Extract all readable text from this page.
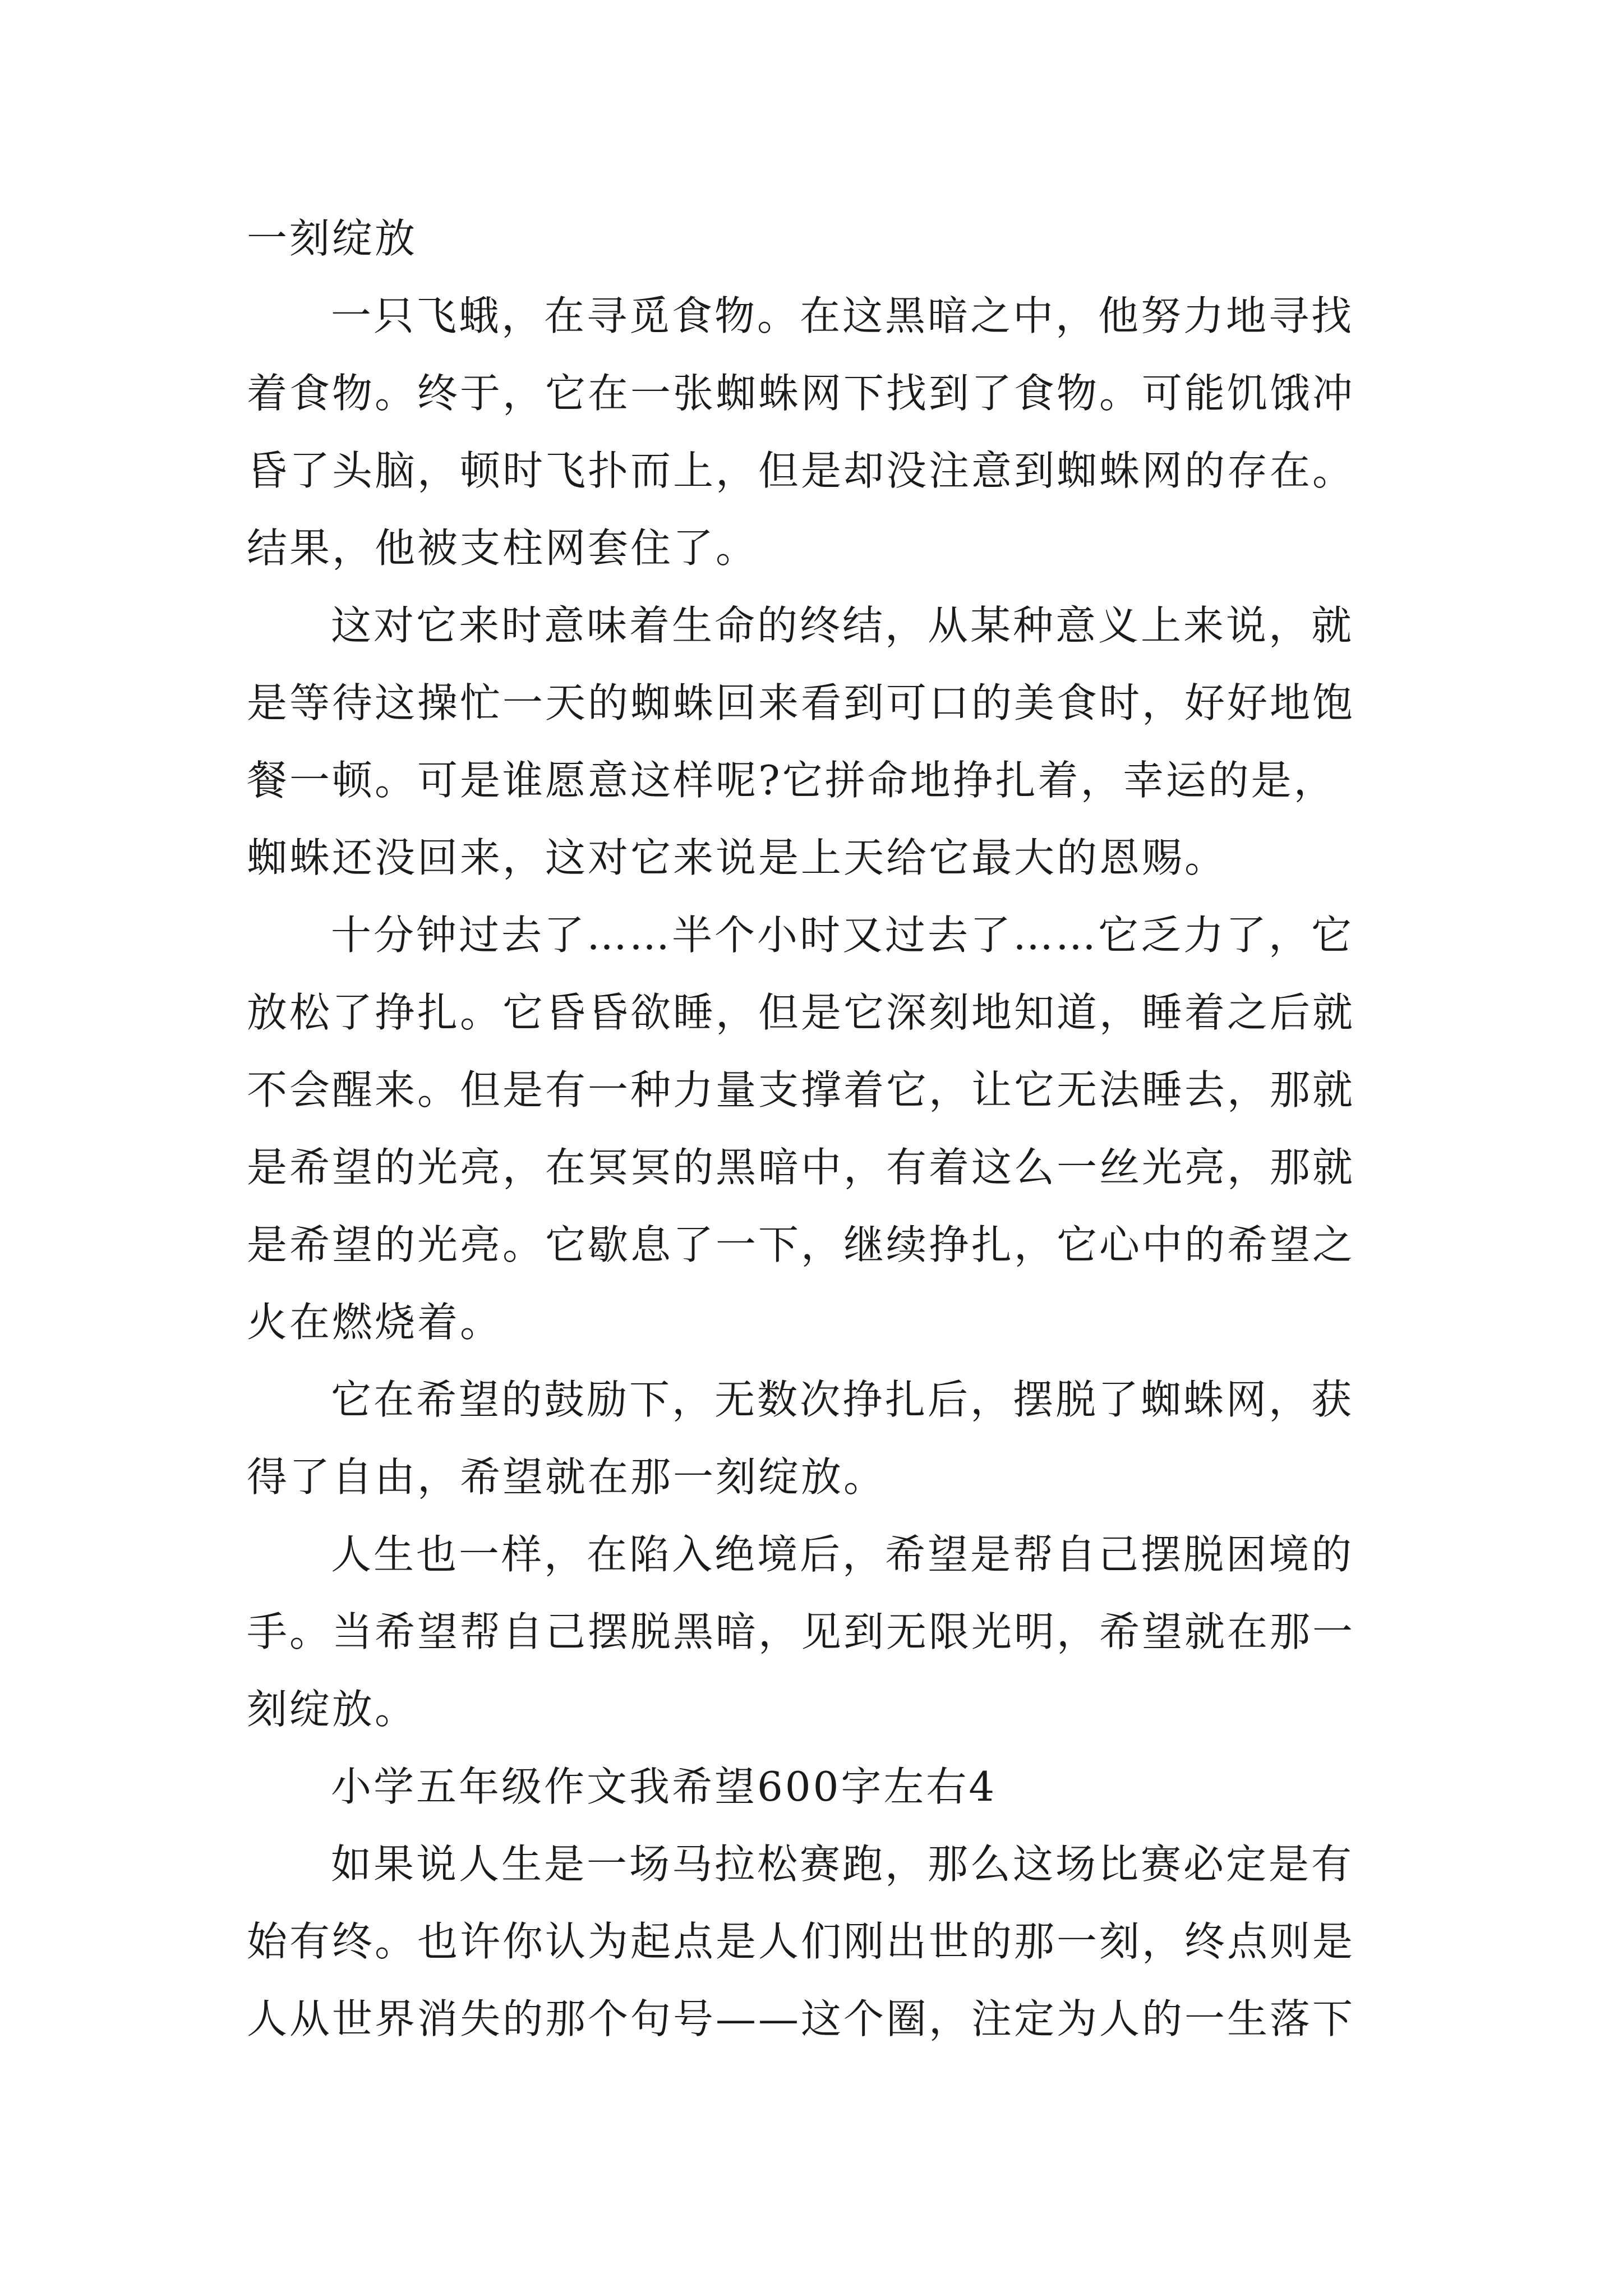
一刻绽放
一只飞蛾，在寻觅食物。在这黑暗之中，他努力地寻找
着食物。终于，它在一张蜘蛛网下找到了食物。可能饥饿冲
昏了头脑，顿时飞扑而上，但是却没注意到蜘蛛网的存在。
结果，他被支柱网套住了。
这对它来时意味着生命的终结，从某种意义上来说，就
是等待这操忙一天的蜘蛛回来看到可口的美食时，好好地饱
餐一顿。可是谁愿意这样呢?它拼命地挣扎着，幸运的是，
蜘蛛还没回来，这对它来说是上天给它最大的恩赐。
十分钟过去了……半个小时又过去了……它乏力了，它
放松了挣扎。它昏昏欲睡，但是它深刻地知道，睡着之后就
不会醒来。但是有一种力量支撑着它，让它无法睡去，那就
是希望的光亮，在冥冥的黑暗中，有着这么一丝光亮，那就
是希望的光亮。它歇息了一下，继续挣扎，它心中的希望之
火在燃烧着。
它在希望的鼓励下，无数次挣扎后，摆脱了蜘蛛网，获
得了自由，希望就在那一刻绽放。
人生也一样，在陷入绝境后，希望是帮自己摆脱困境的
手。当希望帮自己摆脱黑暗，见到无限光明，希望就在那一
刻绽放。
小学五年级作文我希望600字左右4
如果说人生是一场马拉松赛跑，那么这场比赛必定是有
始有终。也许你认为起点是人们刚出世的那一刻，终点则是
人从世界消失的那个句号——这个圈，注定为人的一生落下
